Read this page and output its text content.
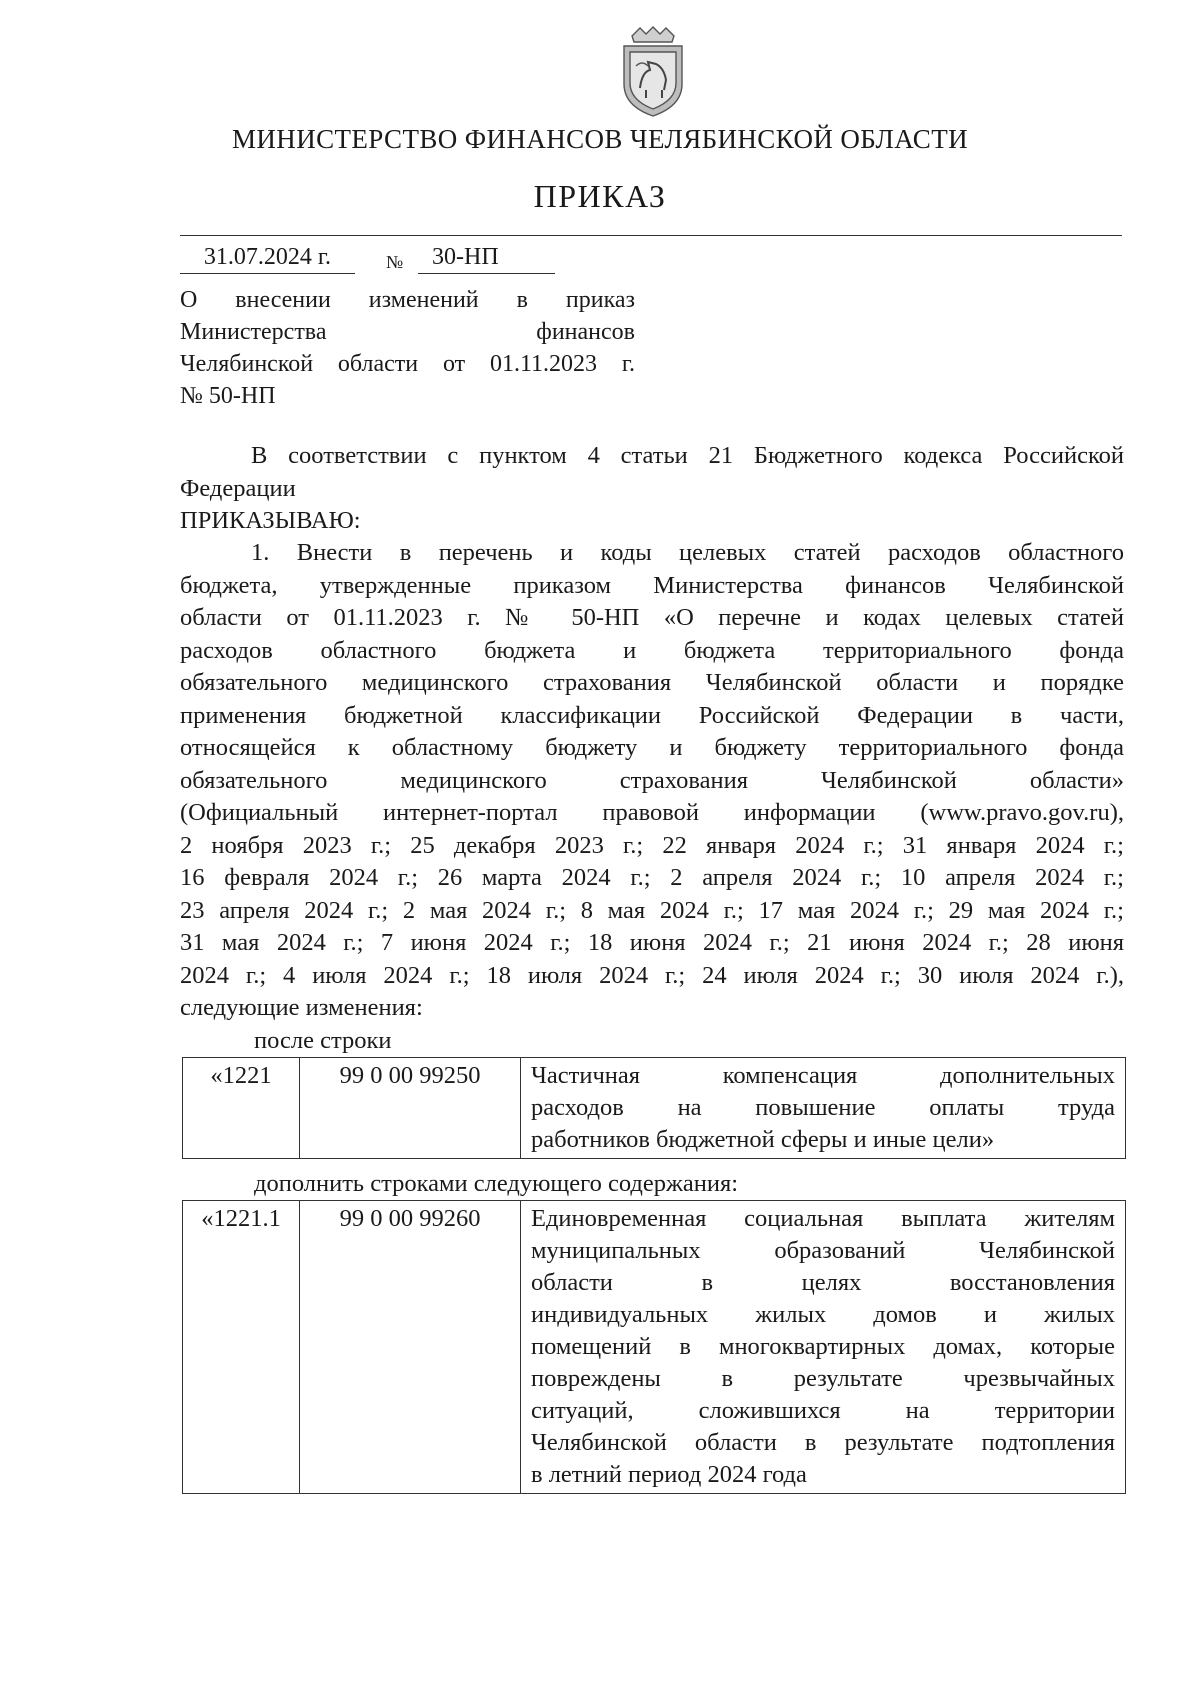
МИНИСТЕРСТВО ФИНАНСОВ ЧЕЛЯБИНСКОЙ ОБЛАСТИ
ПРИКАЗ
31.07.2024 г.	№	30-НП
О внесении изменений в приказ
Министерства финансов
Челябинской области от 01.11.2023 г.
№ 50-НП
В соответствии с пунктом 4 статьи 21 Бюджетного кодекса Российской
Федерации
ПРИКАЗЫВАЮ:
1. Внести в перечень и коды целевых статей расходов областного
бюджета, утвержденные приказом Министерства финансов Челябинской
области от 01.11.2023 г. № 50-НП «О перечне и кодах целевых статей
расходов областного бюджета и бюджета территориального фонда
обязательного медицинского страхования Челябинской области и порядке
применения бюджетной классификации Российской Федерации в части,
относящейся к областному бюджету и бюджету территориального фонда
обязательного медицинского страхования Челябинской области»
(Официальный интернет-портал правовой информации (www.pravo.gov.ru),
2 ноября 2023 г.; 25 декабря 2023 г.; 22 января 2024 г.; 31 января 2024 г.;
16 февраля 2024 г.; 26 марта 2024 г.; 2 апреля 2024 г.; 10 апреля 2024 г.;
23 апреля 2024 г.; 2 мая 2024 г.; 8 мая 2024 г.; 17 мая 2024 г.; 29 мая 2024 г.;
31 мая 2024 г.; 7 июня 2024 г.; 18 июня 2024 г.; 21 июня 2024 г.; 28 июня
2024 г.; 4 июля 2024 г.; 18 июля 2024 г.; 24 июля 2024 г.; 30 июля 2024 г.),
следующие изменения:
после строки
«1221	99 0 00 99250	Частичная компенсация дополнительных
расходов на повышение оплаты труда
работников бюджетной сферы и иные цели»
дополнить строками следующего содержания:
«1221.1	99 0 00 99260	Единовременная социальная выплата жителям
муниципальных образований Челябинской
области в целях восстановления
индивидуальных жилых домов и жилых
помещений в многоквартирных домах, которые
повреждены в результате чрезвычайных
ситуаций, сложившихся на территории
Челябинской области в результате подтопления
в летний период 2024 года
